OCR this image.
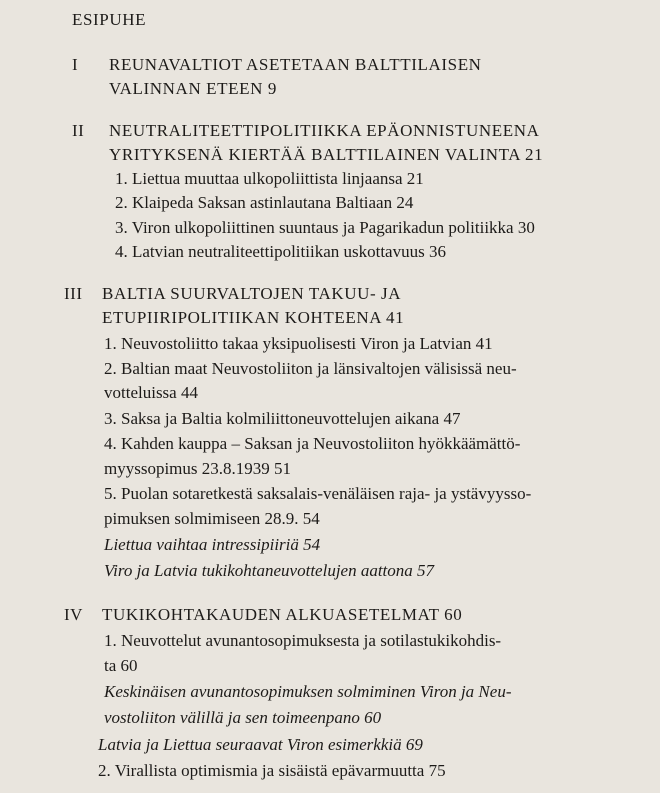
ESIPUHE
I REUNAVALTIOT ASETETAAN BALTTILAISEN
VALINNAN ETEEN 9
II NEUTRALITEETTIPOLITIIKKA EPÄONNISTUNEENA
YRITYKSENÄ KIERTÄÄ BALTTILAINEN VALINTA 21
1. Liettua muuttaa ulkopoliittista linjaansa 21
2. Klaipeda Saksan astinlautana Baltiaan 24
3. Viron ulkopoliittinen suuntaus ja Pagarikadun politiikka 30
4. Latvian neutraliteettipolitiikan uskottavuus 36
III BALTIA SUURVALTOJEN TAKUU- JA
ETUPIIRIPOLITIIKAN KOHTEENA 41
1. Neuvostoliitto takaa yksipuolisesti Viron ja Latvian 41
2. Baltian maat Neuvostoliiton ja länsivaltojen välisissä neu-
votteluissa 44
3. Saksa ja Baltia kolmiliittoneuvottelujen aikana 47
4. Kahden kauppa – Saksan ja Neuvostoliiton hyökkäämättö-
myyssopimus 23.8.1939 51
5. Puolan sotaretkestä saksalais-venäläisen raja- ja ystävyysso-
pimuksen solmimiseen 28.9. 54
Liettua vaihtaa intressipiiriä 54
Viro ja Latvia tukikohtaneuvottelujen aattona 57
IV TUKIKOHTAKAUDEN ALKUASETELMAT 60
1. Neuvottelut avunantosopimuksesta ja sotilastukikohdis-
ta 60
Keskinäisen avunantosopimuksen solmiminen Viron ja Neu-
vostoliiton välillä ja sen toimeenpano 60
Latvia ja Liettua seuraavat Viron esimerkkiä 69
2. Virallista optimismia ja sisäistä epävarmuutta 75
